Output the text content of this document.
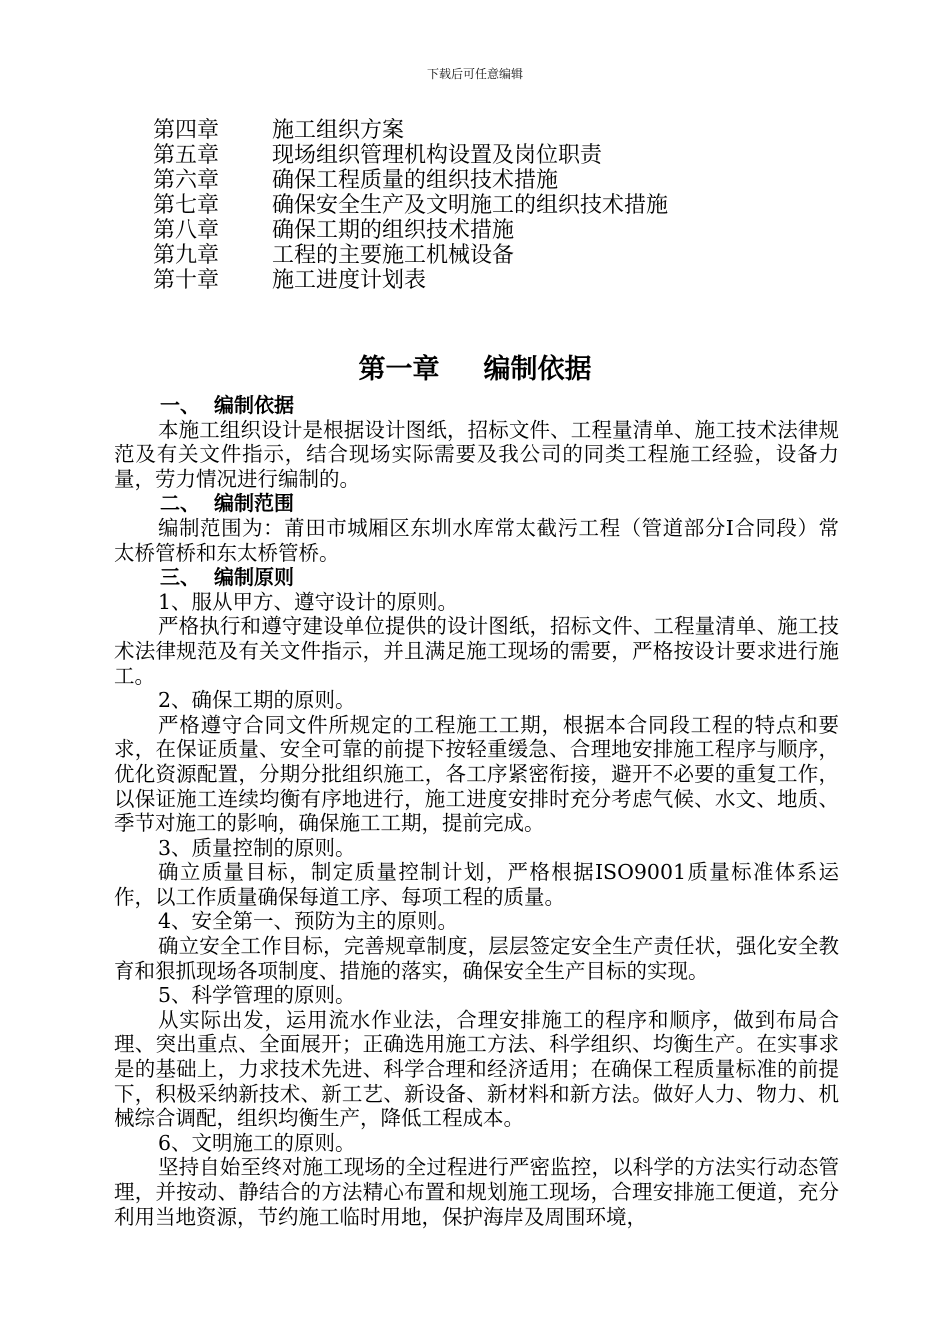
下载后可任意编辑
第四章	施工组织方案
第五章	现场组织管理机构设置及岗位职责
第六章	确保工程质量的组织技术措施
第七章	确保安全生产及文明施工的组织技术措施
第八章	确保工期的组织技术措施
第九章	工程的主要施工机械设备
第十章	施工进度计划表
第一章 编制依据
一、 编制依据

本施工组织设计是根据设计图纸，招标文件、工程量清单、施工技术法律规范及有关文件指示，结合现场实际需要及我公司的同类工程施工经验，设备力量，劳力情况进行编制的。

二、 编制范围

编制范围为：莆田市城厢区东圳水库常太截污工程（管道部分Ⅰ合同段）常太桥管桥和东太桥管桥。

三、 编制原则
1、服从甲方、遵守设计的原则。

严格执行和遵守建设单位提供的设计图纸，招标文件、工程量清单、施工技术法律规范及有关文件指示，并且满足施工现场的需要，严格按设计要求进行施工。

2、确保工期的原则。

严格遵守合同文件所规定的工程施工工期，根据本合同段工程的特点和要求，在保证质量、安全可靠的前提下按轻重缓急、合理地安排施工程序与顺序，优化资源配置，分期分批组织施工，各工序紧密衔接，避开不必要的重复工作，以保证施工连续均衡有序地进行，施工进度安排时充分考虑气候、水文、地质、季节对施工的影响，确保施工工期，提前完成。

3、质量控制的原则。

确立质量目标，制定质量控制计划，严格根据ISO9001质量标准体系运作，以工作质量确保每道工序、每项工程的质量。

4、安全第一、预防为主的原则。

确立安全工作目标，完善规章制度，层层签定安全生产责任状，强化安全教育和狠抓现场各项制度、措施的落实，确保安全生产目标的实现。

5、科学管理的原则。

从实际出发，运用流水作业法，合理安排施工的程序和顺序，做到布局合理、突出重点、全面展开；正确选用施工方法、科学组织、均衡生产。在实事求是的基础上，力求技术先进、科学合理和经济适用；在确保工程质量标准的前提下，积极采纳新技术、新工艺、新设备、新材料和新方法。做好人力、物力、机械综合调配，组织均衡生产，降低工程成本。

6、文明施工的原则。

坚持自始至终对施工现场的全过程进行严密监控，以科学的方法实行动态管理，并按动、静结合的方法精心布置和规划施工现场，合理安排施工便道，充分利用当地资源，节约施工临时用地，保护海岸及周围环境，
